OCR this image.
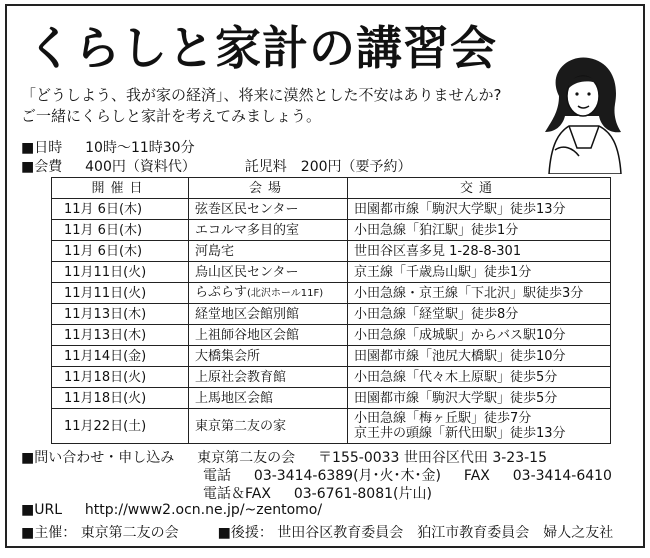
くらしと家計の講習会
「どうしよう、我が家の経済」、将来に漠然とした不安はありませんか?
ご一緒にくらしと家計を考えてみましょう。
■日時 10時～11時30分
■会費 400円（資料代）	託児料　200円（要予約）
開催日	会場	交通
11月 6日(木)	弦巻区民センター	田園都市線「駒沢大学駅」徒歩13分
11月 6日(木)	エコルマ多目的室	小田急線「狛江駅」徒歩1分
11月 6日(木)	河島宅	世田谷区喜多見 1-28-8-301
11月11日(火)	烏山区民センター	京王線「千歳烏山駅」徒歩1分
11月11日(火)	らぷらす(北沢ホール11F)	小田急線・京王線「下北沢」駅徒歩3分
11月13日(木)	経堂地区会館別館	小田急線「経堂駅」徒歩8分
11月13日(木)	上祖師谷地区会館	小田急線「成城駅」からバス駅10分
11月14日(金)	大橋集会所	田園都市線「池尻大橋駅」徒歩10分
11月18日(火)	上原社会教育館	小田急線「代々木上原駅」徒歩5分
11月18日(火)	上馬地区会館	田園都市線「駒沢大学駅」徒歩5分
11月22日(土)	東京第二友の家	小田急線「梅ヶ丘駅」徒歩7分
京王井の頭線「新代田駅」徒歩13分
■問い合わせ・申し込み 東京第二友の会 〒155-0033 世田谷区代田 3-23-15
電話 03-3414-6389(月･火･木･金) FAX 03-3414-6410
電話＆FAX 03-6761-8081(片山)
■URL http://www2.ocn.ne.jp/~zentomo/
■主催： 東京第二友の会	■後援： 世田谷区教育委員会　狛江市教育委員会　婦人之友社
